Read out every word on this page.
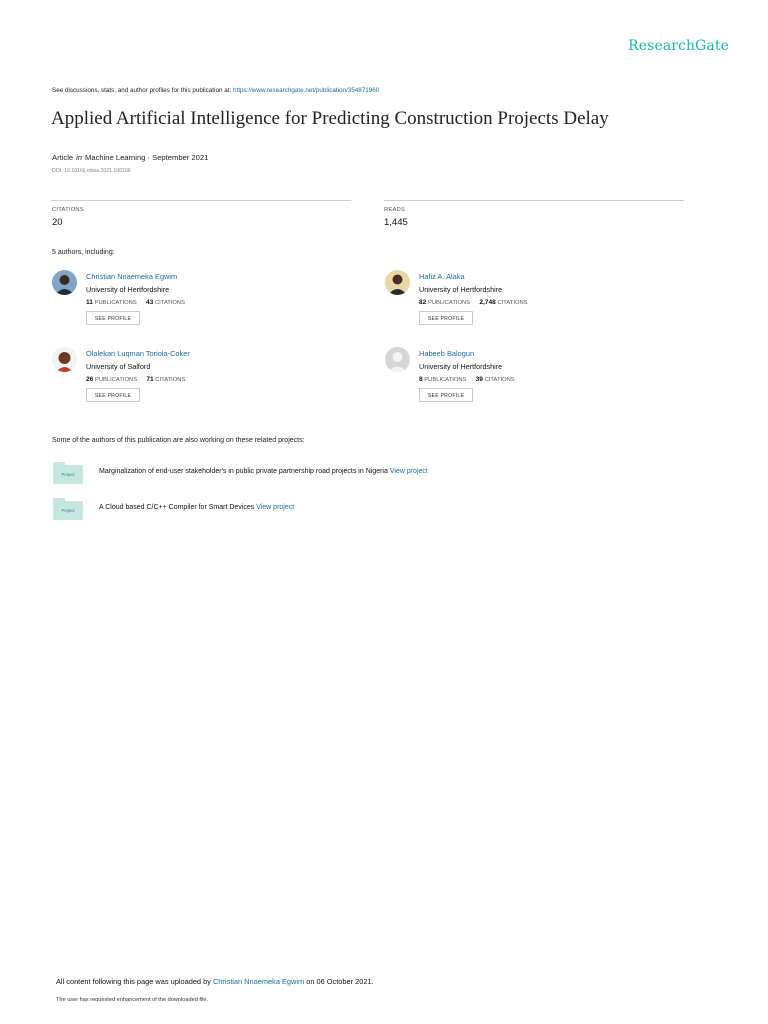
ResearchGate
See discussions, stats, and author profiles for this publication at: https://www.researchgate.net/publication/354871960
Applied Artificial Intelligence for Predicting Construction Projects Delay
Article in Machine Learning · September 2021
DOI: 10.1016/j.mlwa.2021.100166
CITATIONS
20
READS
1,445
5 authors, including:
Christian Nnaemeka Egwim
University of Hertfordshire
11 PUBLICATIONS 43 CITATIONS
SEE PROFILE
Hafiz A. Alaka
University of Hertfordshire
82 PUBLICATIONS 2,748 CITATIONS
SEE PROFILE
Olalekan Luqman Toriola-Coker
University of Salford
26 PUBLICATIONS 71 CITATIONS
SEE PROFILE
Habeeb Balogun
University of Hertfordshire
8 PUBLICATIONS 39 CITATIONS
SEE PROFILE
Some of the authors of this publication are also working on these related projects:
Project	Marginalization of end-user stakeholder's in public private partnership road projects in Nigeria View project
Project	A Cloud based C/C++ Compiler for Smart Devices View project
All content following this page was uploaded by Christian Nnaemeka Egwim on 06 October 2021.
The user has requested enhancement of the downloaded file.
